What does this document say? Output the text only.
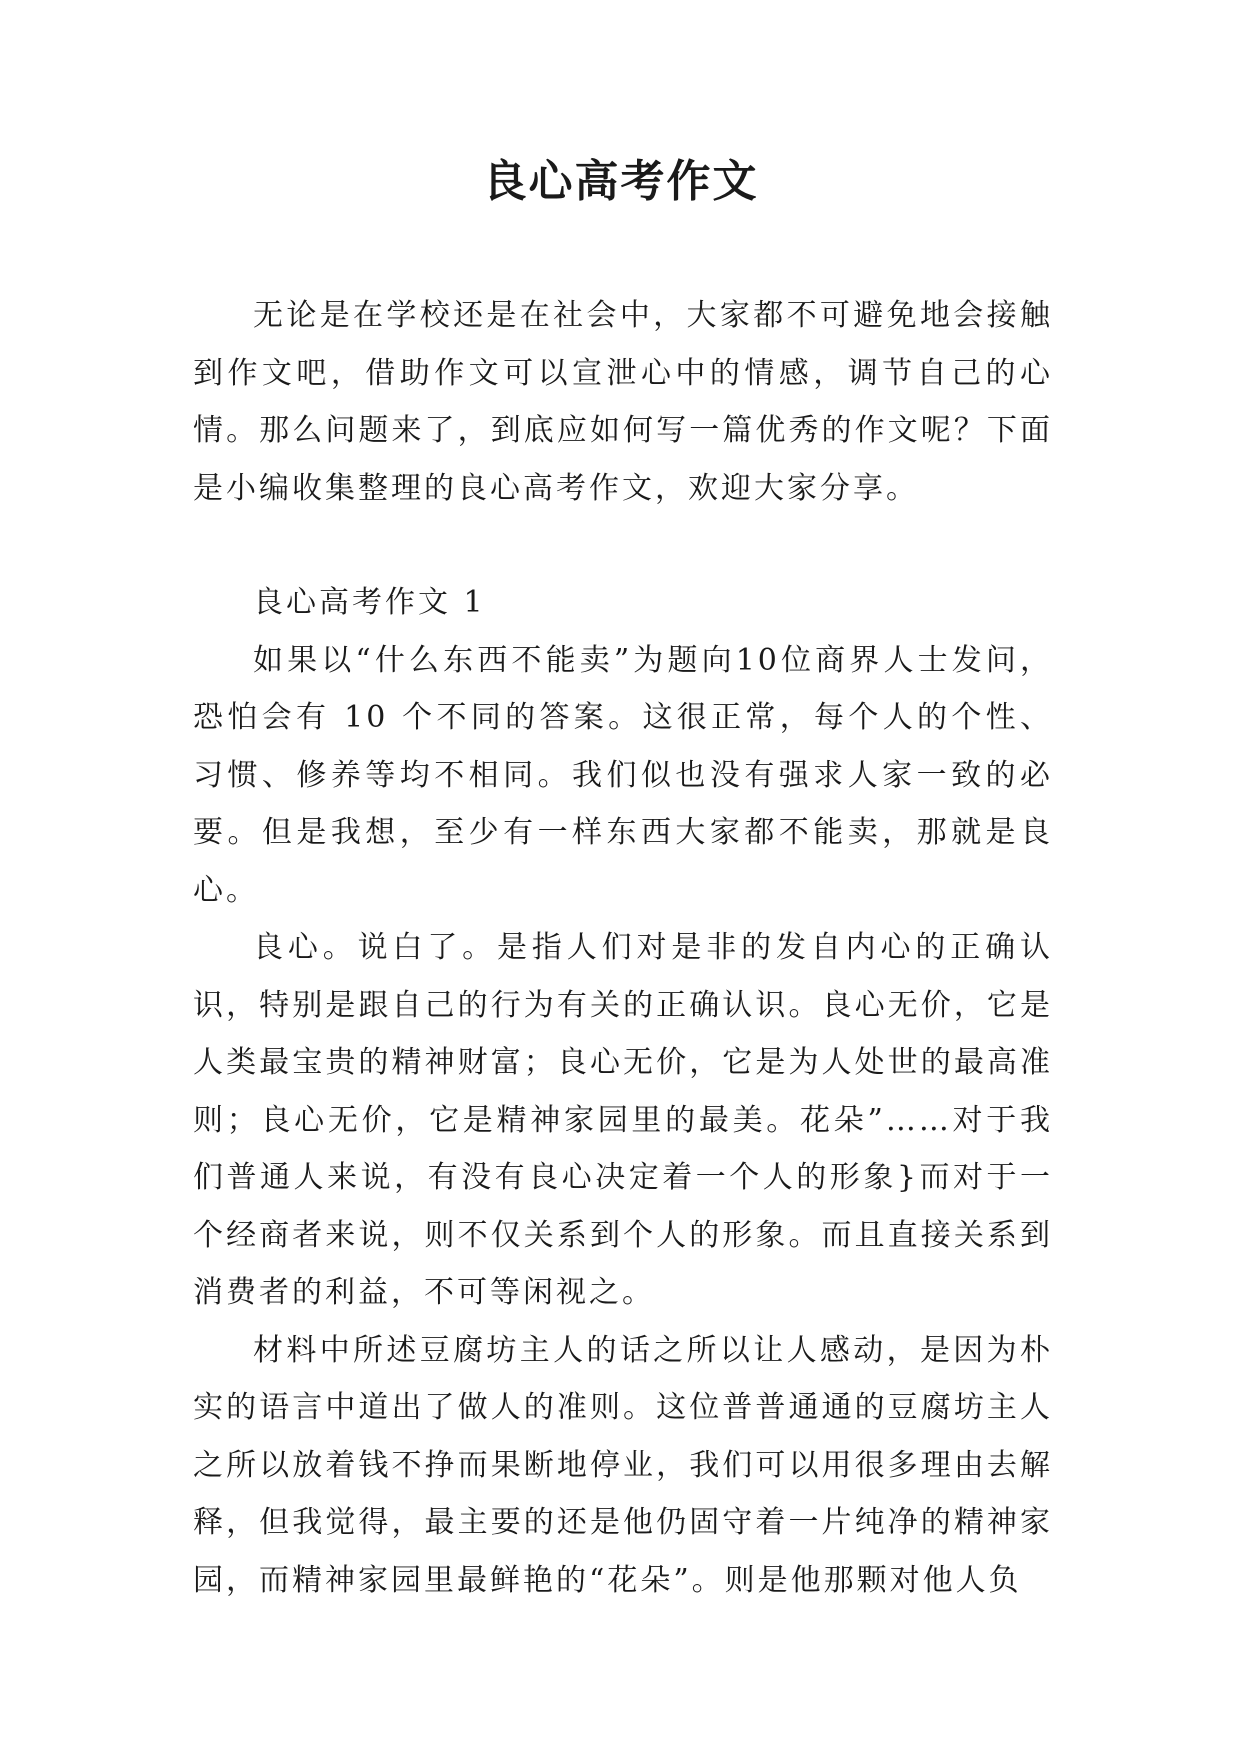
良心高考作文

无论是在学校还是在社会中，大家都不可避免地会接触到作文吧，借助作文可以宣泄心中的情感，调节自己的心情。那么问题来了，到底应如何写一篇优秀的作文呢？下面是小编收集整理的良心高考作文，欢迎大家分享。

良心高考作文 1

如果以“什么东西不能卖”为题向10位商界人士发问，恐怕会有 10 个不同的答案。这很正常，每个人的个性、习惯、修养等均不相同。我们似也没有强求人家一致的必要。但是我想，至少有一样东西大家都不能卖，那就是良心。

良心。说白了。是指人们对是非的发自内心的正确认识，特别是跟自己的行为有关的正确认识。良心无价，它是人类最宝贵的精神财富；良心无价，它是为人处世的最高准则；良心无价，它是精神家园里的最美。花朵”……对于我们普通人来说，有没有良心决定着一个人的形象}而对于一个经商者来说，则不仅关系到个人的形象。而且直接关系到消费者的利益，不可等闲视之。

材料中所述豆腐坊主人的话之所以让人感动，是因为朴实的语言中道出了做人的准则。这位普普通通的豆腐坊主人之所以放着钱不挣而果断地停业，我们可以用很多理由去解释，但我觉得，最主要的还是他仍固守着一片纯净的精神家园，而精神家园里最鲜艳的“花朵”。则是他那颗对他人负
